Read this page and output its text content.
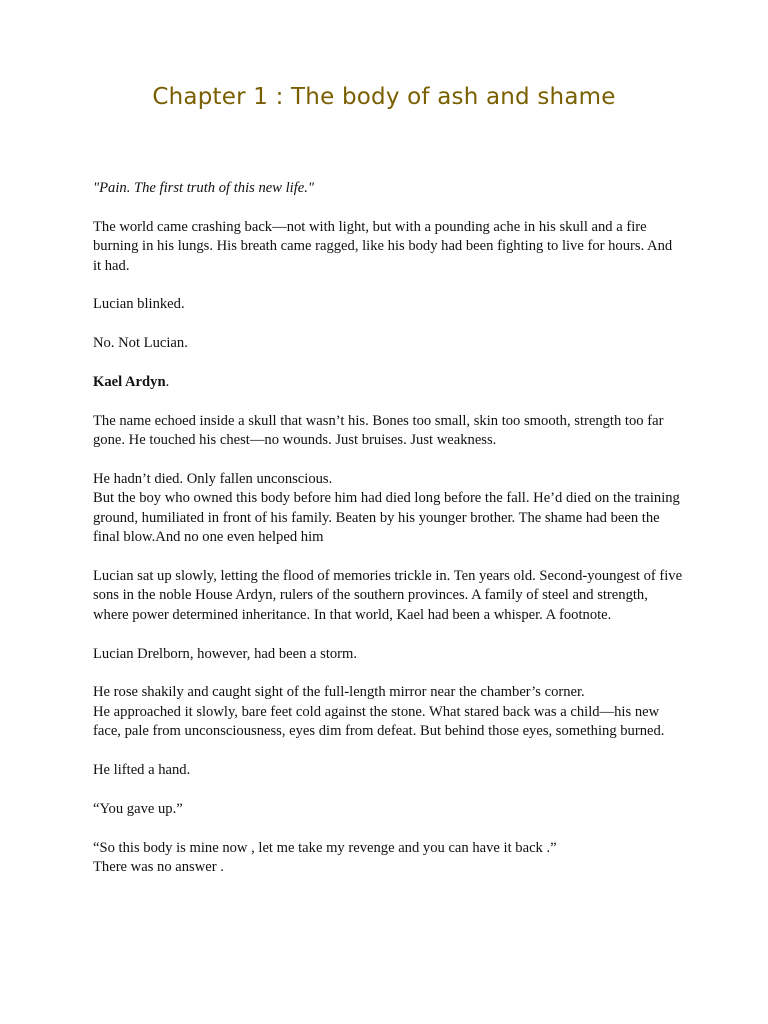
Chapter 1 : The body of ash and shame

"Pain. The first truth of this new life."

The world came crashing back—not with light, but with a pounding ache in his skull and a fire burning in his lungs. His breath came ragged, like his body had been fighting to live for hours. And it had.

Lucian blinked.

No. Not Lucian.

Kael Ardyn.

The name echoed inside a skull that wasn’t his. Bones too small, skin too smooth, strength too far gone. He touched his chest—no wounds. Just bruises. Just weakness.

He hadn’t died. Only fallen unconscious.

But the boy who owned this body before him had died long before the fall. He’d died on the training ground, humiliated in front of his family. Beaten by his younger brother. The shame had been the final blow.And no one even helped him

Lucian sat up slowly, letting the flood of memories trickle in. Ten years old. Second-youngest of five sons in the noble House Ardyn, rulers of the southern provinces. A family of steel and strength, where power determined inheritance. In that world, Kael had been a whisper. A footnote.

Lucian Drelborn, however, had been a storm.

He rose shakily and caught sight of the full-length mirror near the chamber’s corner.

He approached it slowly, bare feet cold against the stone. What stared back was a child—his new face, pale from unconsciousness, eyes dim from defeat. But behind those eyes, something burned.

He lifted a hand.

“You gave up.”

“So this body is mine now , let me take my revenge and you can have it back .”

There was no answer .
